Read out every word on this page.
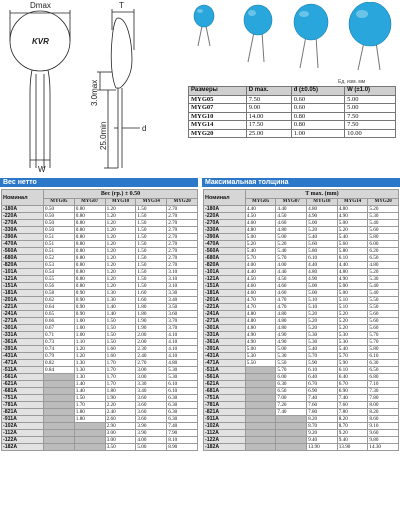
Dmax	T
KVR
3.0max
25.0min	d
W
Ед. изм. мм
Размеры	D max.	d (±0.05)	W (±1.0)
MYG05	7.50	0.60	5.00
MYG07	9.00	0.60	5.00
MYG10	14.00	0.80	7.50
MYG14	17.50	0.80	7.50
MYG20	25.00	1.00	10.00
Вес нетто	Максимальная толщина
Номинал	Вес (гр.) ± 0.50				
	MYG05	MYG07	MYG10	MYG14	MYG20
-180A	0.50	0.80	1.20	1.50	2.70
-220A	0.50	0.80	1.20	1.50	2.70
-270A	0.50	0.80	1.20	1.50	2.70
-330A	0.50	0.80	1.20	1.50	2.70
-390A	0.51	0.80	1.20	1.50	2.70
-470A	0.51	0.80	1.20	1.50	2.70
-560A	0.51	0.80	1.20	1.50	2.70
-680A	0.52	0.80	1.20	1.50	2.70
-820A	0.53	0.80	1.20	1.50	2.70
-101A	0.54	0.80	1.20	1.50	3.10
-121A	0.55	0.80	1.20	1.50	3.10
-151A	0.56	0.80	1.20	1.50	3.10
-181A	0.58	0.90	1.30	1.60	3.30
-201A	0.62	0.90	1.30	1.60	3.40
-221A	0.64	0.90	1.40	1.80	3.50
-241A	0.65	0.90	1.40	1.80	3.60
-271A	0.66	1.00	1.50	1.90	3.70
-301A	0.67	1.00	1.50	1.90	3.70
-331A	0.71	1.00	1.50	2.00	4.10
-361A	0.73	1.10	1.50	2.00	4.10
-391A	0.74	1.20	1.60	2.30	4.10
-431A	0.79	1.20	1.60	2.40	4.10
-471A	0.82	1.30	1.70	2.70	4.80
-511A	0.84	1.30	1.70	3.00	5.30
-561A		1.30	1.70	3.00	5.30
-621A		1.40	1.70	3.30	6.10
-681A		1.40	1.80	3.40	6.10
-751A		1.50	1.90	3.60	6.30
-781A		1.70	2.20	3.60	6.30
-821A		1.80	2.40	3.60	6.30
-911A		1.80	2.60	3.60	6.30
-102A			2.90	3.90	7.40
-112A			3.00	3.90	7.90
-122A			3.00	4.00	8.10
-182A			3.50	5.00	8.90
Номинал	T max. (mm)				
	MYG05	MYG07	MYG10	MYG14	MYG20
-180A	4.40	4.40	4.80	4.80	5.20
-220A	4.50	4.50	4.90	4.90	5.30
-270A	4.60	4.60	5.00	5.00	5.40
-330A	4.80	4.80	5.20	5.20	5.60
-390A	5.00	5.00	5.40	5.40	5.80
-470A	5.20	5.20	5.60	5.60	6.00
-560A	5.40	5.40	5.80	5.80	6.20
-680A	5.70	5.70	6.10	6.10	6.50
-820A	4.00	4.00	4.40	4.40	4.80
-101A	4.40	4.40	4.80	4.80	5.20
-121A	4.50	4.50	4.90	4.90	5.30
-151A	4.60	4.60	5.00	5.00	5.40
-181A	4.60	4.60	5.00	5.00	5.40
-201A	4.70	4.70	5.10	5.10	5.50
-221A	4.70	4.70	5.10	5.10	5.50
-241A	4.80	4.80	5.20	5.20	5.60
-271A	4.80	4.80	5.20	5.20	5.60
-301A	4.80	4.80	5.20	5.20	5.60
-331A	4.90	4.90	5.30	5.30	5.70
-361A	4.90	4.90	5.30	5.30	5.70
-391A	5.00	5.00	5.40	5.40	5.80
-431A	5.30	5.30	5.70	5.70	6.10
-471A	5.50	5.50	5.90	5.90	6.30
-511A		5.70	6.10	6.10	6.50
-561A		6.00	6.40	6.40	6.80
-621A		6.30	6.70	6.70	7.10
-681A		6.50	6.90	6.90	7.30
-751A		7.00	7.40	7.40	7.80
-781A		7.20	7.60	7.60	8.00
-821A		7.40	7.80	7.80	8.20
-911A			8.20	8.20	8.60
-102A			8.70	8.70	9.10
-112A			9.20	9.20	9.60
-122A			9.40	9.40	9.80
-182A			13.90	13.90	14.30
